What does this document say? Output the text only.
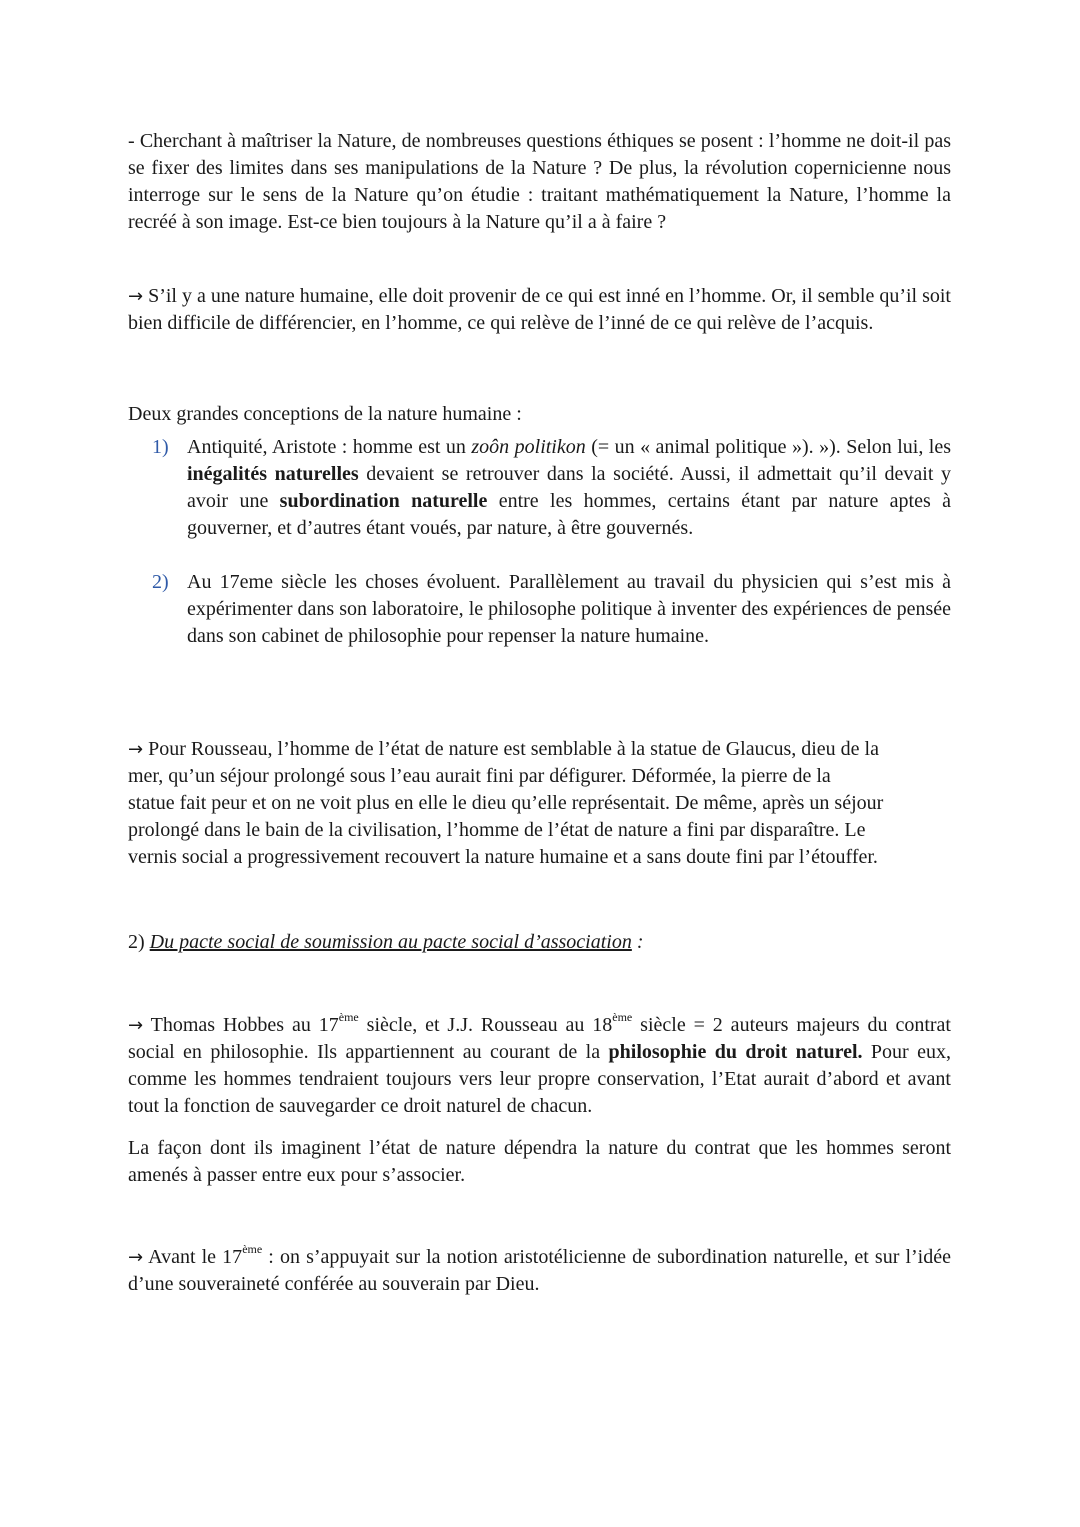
- Cherchant à maîtriser la Nature, de nombreuses questions éthiques se posent : l’homme ne doit-il pas se fixer des limites dans ses manipulations de la Nature ? De plus, la révolution copernicienne nous interroge sur le sens de la Nature qu’on étudie : traitant mathématiquement la Nature, l’homme la recréé à son image. Est-ce bien toujours à la Nature qu’il a à faire ?

→ S’il y a une nature humaine, elle doit provenir de ce qui est inné en l’homme. Or, il semble qu’il soit bien difficile de différencier, en l’homme, ce qui relève de l’inné de ce qui relève de l’acquis.

Deux grandes conceptions de la nature humaine :

1) Antiquité, Aristote : homme est un zoôn politikon (= un « animal politique »). »). Selon lui, les inégalités naturelles devaient se retrouver dans la société. Aussi, il admettait qu’il devait y avoir une subordination naturelle entre les hommes, certains étant par nature aptes à gouverner, et d’autres étant voués, par nature, à être gouvernés.
2) Au 17eme siècle les choses évoluent. Parallèlement au travail du physicien qui s’est mis à expérimenter dans son laboratoire, le philosophe politique à inventer des expériences de pensée dans son cabinet de philosophie pour repenser la nature humaine.

→ Pour Rousseau, l’homme de l’état de nature est semblable à la statue de Glaucus, dieu de la
mer, qu’un séjour prolongé sous l’eau aurait fini par défigurer. Déformée, la pierre de la
statue fait peur et on ne voit plus en elle le dieu qu’elle représentait. De même, après un séjour
prolongé dans le bain de la civilisation, l’homme de l’état de nature a fini par disparaître. Le
vernis social a progressivement recouvert la nature humaine et a sans doute fini par l’étouffer.

2) Du pacte social de soumission au pacte social d’association :

→ Thomas Hobbes au 17ème siècle, et J.J. Rousseau au 18ème siècle = 2 auteurs majeurs du contrat social en philosophie. Ils appartiennent au courant de la philosophie du droit naturel. Pour eux, comme les hommes tendraient toujours vers leur propre conservation, l’Etat aurait d’abord et avant tout la fonction de sauvegarder ce droit naturel de chacun.

La façon dont ils imaginent l’état de nature dépendra la nature du contrat que les hommes seront amenés à passer entre eux pour s’associer.

→ Avant le 17ème : on s’appuyait sur la notion aristotélicienne de subordination naturelle, et sur l’idée d’une souveraineté conférée au souverain par Dieu.
